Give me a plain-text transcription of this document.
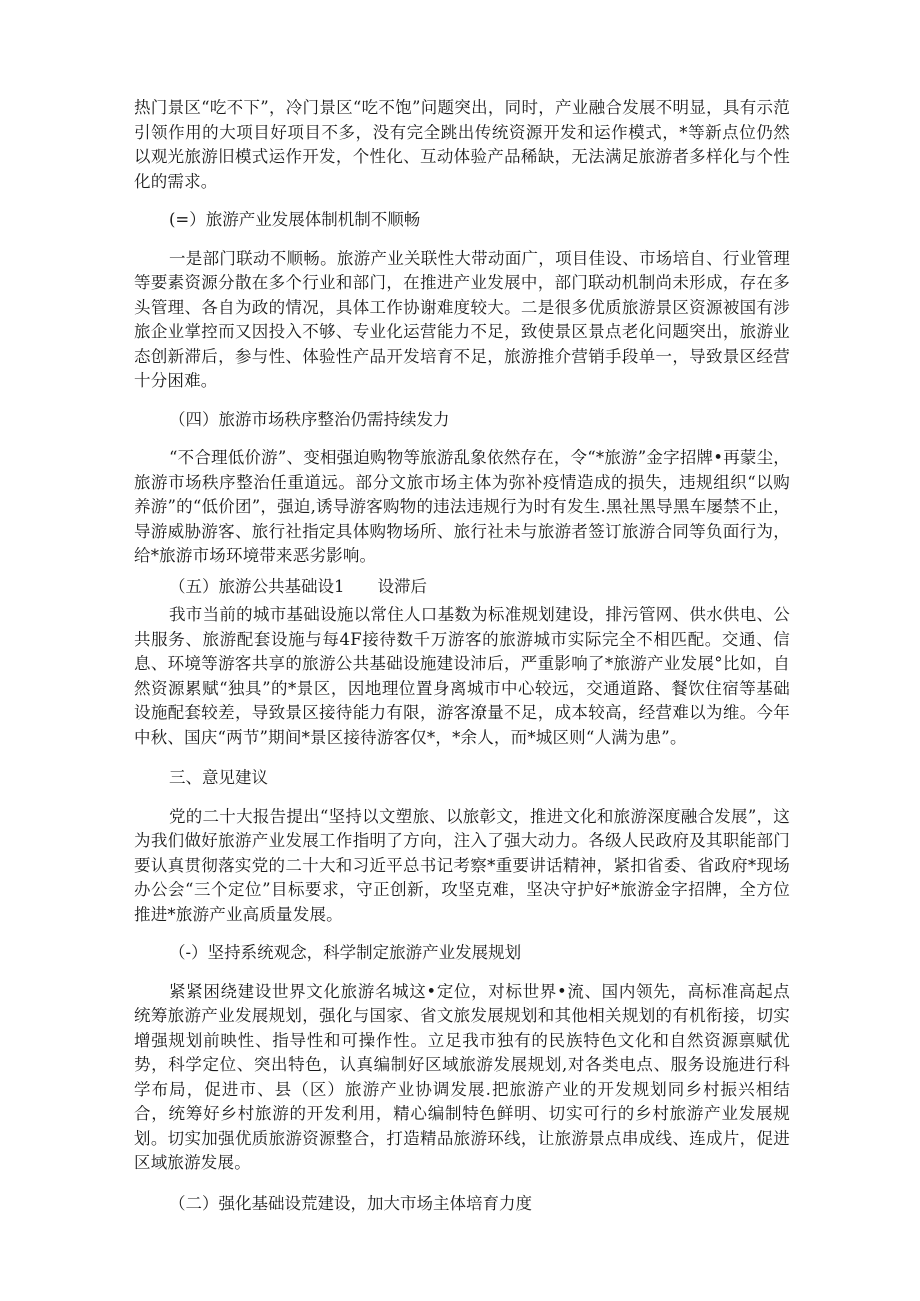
热门景区“吃不下”，冷门景区“吃不饱”问题突出，同时，产业融合发展不明显，具有示范引领作用的大项目好项目不多，没有完全跳出传统资源开发和运作模式，*等新点位仍然以观光旅游旧模式运作开发，个性化、互动体验产品稀缺，无法满足旅游者多样化与个性化的需求。

(=）旅游产业发展体制机制不顺畅

一是部门联动不顺畅。旅游产业关联性大带动面广，项目佳设、市场培自、行业管理等要素资源分散在多个行业和部门，在推进产业发展中，部门联动机制尚未形成，存在多头管理、各自为政的情况，具体工作协谢难度较大。二是很多优质旅游景区资源被国有涉旅企业掌控而又因投入不够、专业化运营能力不足，致使景区景点老化问题突出，旅游业态创新滞后，参与性、体验性产品开发培育不足，旅游推介营销手段单一，导致景区经营十分困难。

（四）旅游市场秩序整治仍需持续发力

“不合理低价游”、变相强迫购物等旅游乱象依然存在，令“*旅游”金字招牌•再蒙尘，旅游市场秩序整治任重道远。部分文旅市场主体为弥补疫情造成的损失，违规组织“以购养游”的“低价团”，强迫,诱导游客购物的违法违规行为时有发生.黑社黑导黑车屡禁不止，导游威胁游客、旅行社指定具体购物场所、旅行社未与旅游者签订旅游合同等负面行为，给*旅游市场环境带来恶劣影响。

（五）旅游公共基础设1　　设滞后

我市当前的城市基础设施以常住人口基数为标准规划建设，排污管网、供水供电、公共服务、旅游配套设施与每4F接待数千万游客的旅游城市实际完全不相匹配。交通、信息、环境等游客共享的旅游公共基础设施建设沛后，严重影响了*旅游产业发展°比如，自然资源累赋“独具”的*景区，因地理位置身离城市中心较远，交通道路、餐饮住宿等基础设施配套较差，导致景区接待能力有限，游客潦量不足，成本较高，经营难以为维。今年中秋、国庆“两节”期间*景区接待游客仅*，*余人，而*城区则“人满为患”。

三、意见建议

党的二十大报告提出“坚持以文塑旅、以旅彰文，推进文化和旅游深度融合发展”，这为我们做好旅游产业发展工作指明了方向，注入了强大动力。各级人民政府及其职能部门要认真贯彻落实党的二十大和习近平总书记考察*重要讲话精神，紧扣省委、省政府*现场办公会“三个定位”目标要求，守正创新，攻坚克难，坚决守护好*旅游金字招牌，全方位推进*旅游产业高质量发展。

（-）坚持系统观念，科学制定旅游产业发展规划

紧紧困绕建设世界文化旅游名城这•定位，对标世界•流、国内领先，高标准高起点统筹旅游产业发展规划，强化与国家、省文旅发展规划和其他相关规划的有机衔接，切实增强规划前映性、指导性和可操作性。立足我市独有的民族特色文化和自然资源禀赋优势，科学定位、突出特色，认真编制好区域旅游发展规划,对各类电点、服务设施进行科学布局，促进市、县（区）旅游产业协调发展.把旅游产业的开发规划同乡村振兴相结合，统筹好乡村旅游的开发利用，精心编制特色鲜明、切实可行的乡村旅游产业发展规划。切实加强优质旅游资源整合，打造精品旅游环线，让旅游景点串成线、连成片，促进区域旅游发展。

（二）强化基础设荒建设，加大市场主体培育力度
